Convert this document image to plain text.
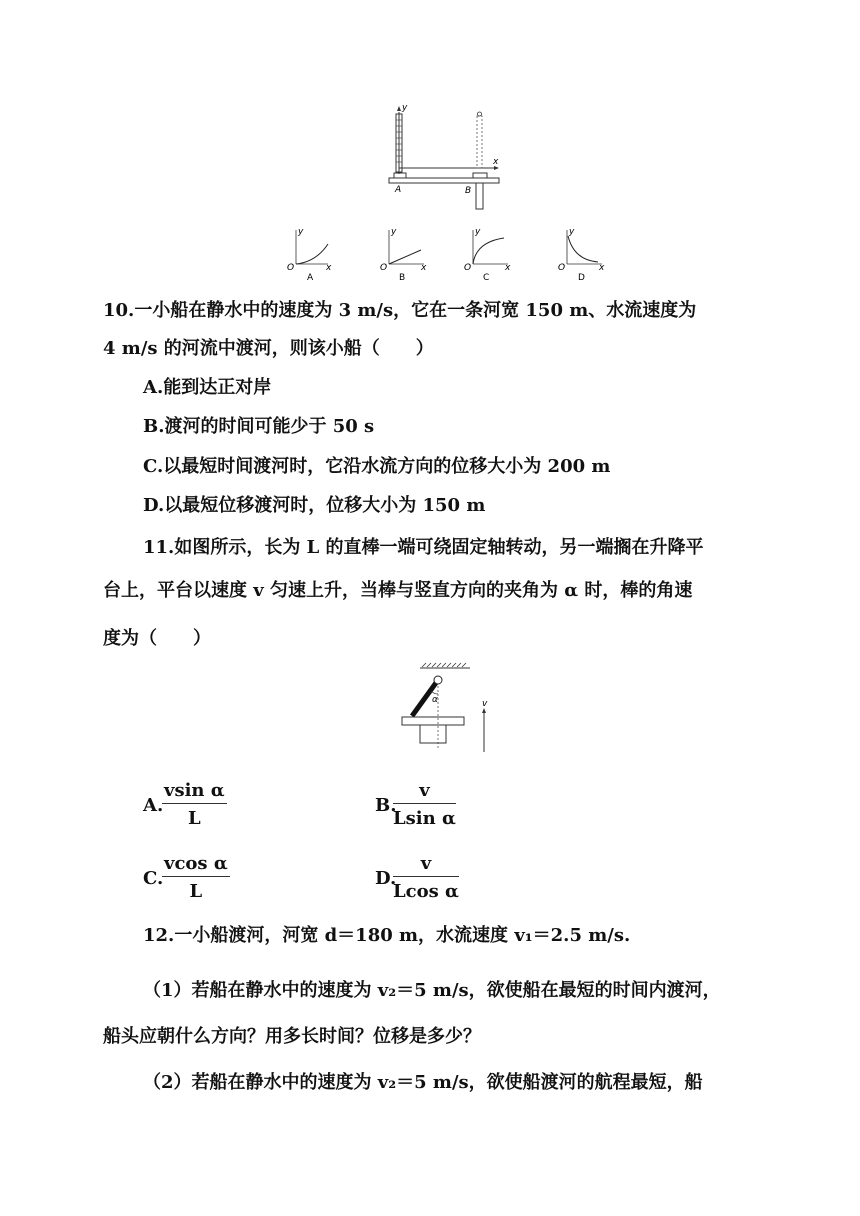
y
x
A	B
y
x
O
A
y
x
O
B
y
x
O
C
y
x
O
D
10.一小船在静水中的速度为 3 m/s，它在一条河宽 150 m、水流速度为
4 m/s 的河流中渡河，则该小船（　　）
A.能到达正对岸
B.渡河的时间可能少于 50 s
C.以最短时间渡河时，它沿水流方向的位移大小为 200 m
D.以最短位移渡河时，位移大小为 150 m
11.如图所示，长为 L 的直棒一端可绕固定轴转动，另一端搁在升降平
台上，平台以速度 v 匀速上升，当棒与竖直方向的夹角为 α 时，棒的角速
度为（　　）
α	v
A.
$\frac{\text{vsin α}}{L}$	B.
$\frac{v}{\text{Lsin α}}$
C.
$\frac{\text{vcos α}}{L}$	D.
$\frac{v}{\text{Lcos α}}$
12.一小船渡河，河宽 d＝180 m，水流速度 v₁＝2.5 m/s.
（1）若船在静水中的速度为 v₂＝5 m/s，欲使船在最短的时间内渡河，
船头应朝什么方向？用多长时间？位移是多少？
（2）若船在静水中的速度为 v₂＝5 m/s，欲使船渡河的航程最短，船
